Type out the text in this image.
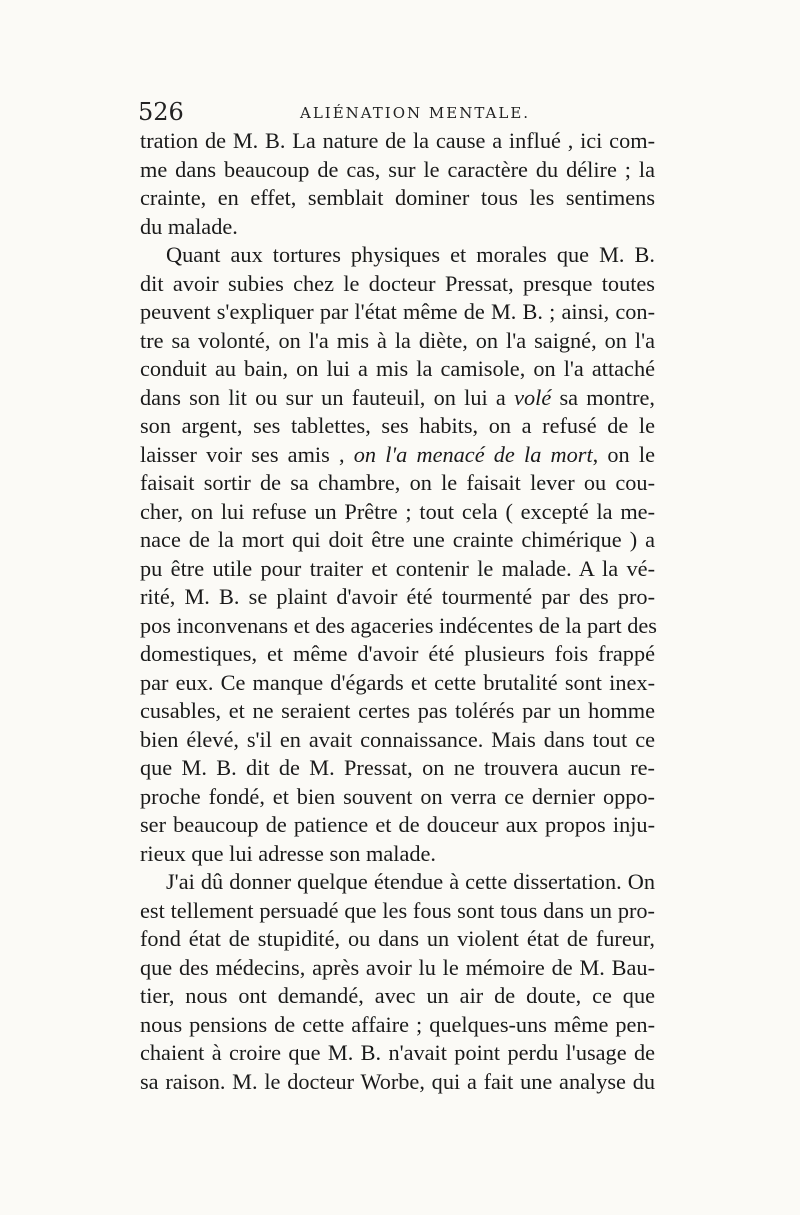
526	ALIÉNATION MENTALE.
tration de M. B. La nature de la cause a influé , ici com-
me dans beaucoup de cas, sur le caractère du délire ; la
crainte, en effet, semblait dominer tous les sentimens
du malade.
Quant aux tortures physiques et morales que M. B.
dit avoir subies chez le docteur Pressat, presque toutes
peuvent s'expliquer par l'état même de M. B. ; ainsi, con-
tre sa volonté, on l'a mis à la diète, on l'a saigné, on l'a
conduit au bain, on lui a mis la camisole, on l'a attaché
dans son lit ou sur un fauteuil, on lui a volé sa montre,
son argent, ses tablettes, ses habits, on a refusé de le
laisser voir ses amis , on l'a menacé de la mort, on le
faisait sortir de sa chambre, on le faisait lever ou cou-
cher, on lui refuse un Prêtre ; tout cela ( excepté la me-
nace de la mort qui doit être une crainte chimérique ) a
pu être utile pour traiter et contenir le malade. A la vé-
rité, M. B. se plaint d'avoir été tourmenté par des pro-
pos inconvenans et des agaceries indécentes de la part des
domestiques, et même d'avoir été plusieurs fois frappé
par eux. Ce manque d'égards et cette brutalité sont inex-
cusables, et ne seraient certes pas tolérés par un homme
bien élevé, s'il en avait connaissance. Mais dans tout ce
que M. B. dit de M. Pressat, on ne trouvera aucun re-
proche fondé, et bien souvent on verra ce dernier oppo-
ser beaucoup de patience et de douceur aux propos inju-
rieux que lui adresse son malade.
J'ai dû donner quelque étendue à cette dissertation. On
est tellement persuadé que les fous sont tous dans un pro-
fond état de stupidité, ou dans un violent état de fureur,
que des médecins, après avoir lu le mémoire de M. Bau-
tier, nous ont demandé, avec un air de doute, ce que
nous pensions de cette affaire ; quelques-uns même pen-
chaient à croire que M. B. n'avait point perdu l'usage de
sa raison. M. le docteur Worbe, qui a fait une analyse du
